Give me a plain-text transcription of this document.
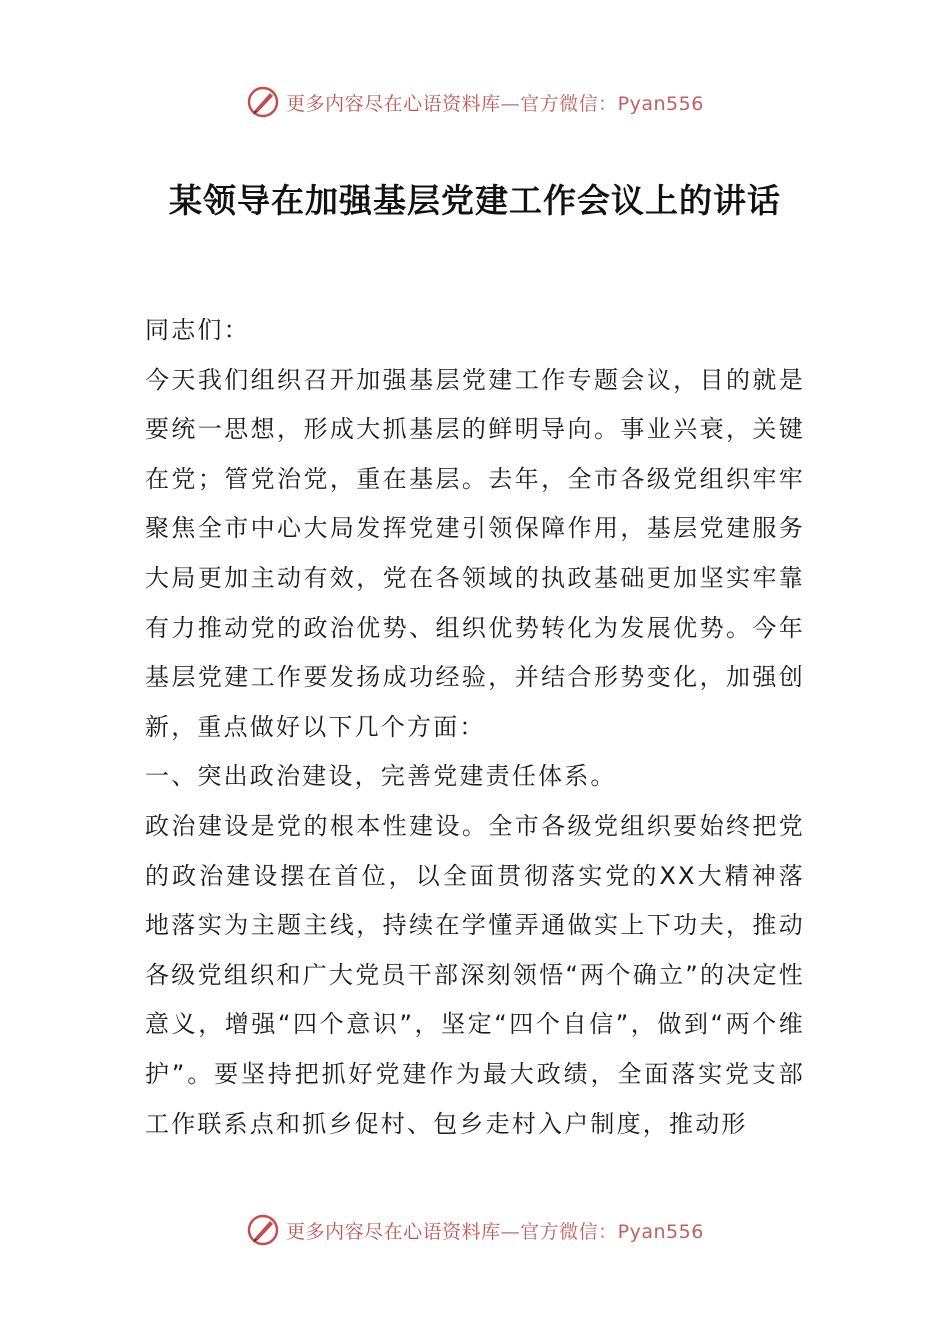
更多内容尽在心语资料库—官方微信：Pyan556
某领导在加强基层党建工作会议上的讲话

同志们：

今天我们组织召开加强基层党建工作专题会议，目的就是要统一思想，形成大抓基层的鲜明导向。事业兴衰，关键在党；管党治党，重在基层。去年，全市各级党组织牢牢聚焦全市中心大局发挥党建引领保障作用，基层党建服务大局更加主动有效，党在各领域的执政基础更加坚实牢靠有力推动党的政治优势、组织优势转化为发展优势。今年基层党建工作要发扬成功经验，并结合形势变化，加强创新，重点做好以下几个方面：

一、突出政治建设，完善党建责任体系。

政治建设是党的根本性建设。全市各级党组织要始终把党的政治建设摆在首位，以全面贯彻落实党的XX大精神落地落实为主题主线，持续在学懂弄通做实上下功夫，推动各级党组织和广大党员干部深刻领悟“两个确立”的决定性意义，增强“四个意识”，坚定“四个自信”，做到“两个维护”。要坚持把抓好党建作为最大政绩，全面落实党支部工作联系点和抓乡促村、包乡走村入户制度，推动形

更多内容尽在心语资料库—官方微信：Pyan556
